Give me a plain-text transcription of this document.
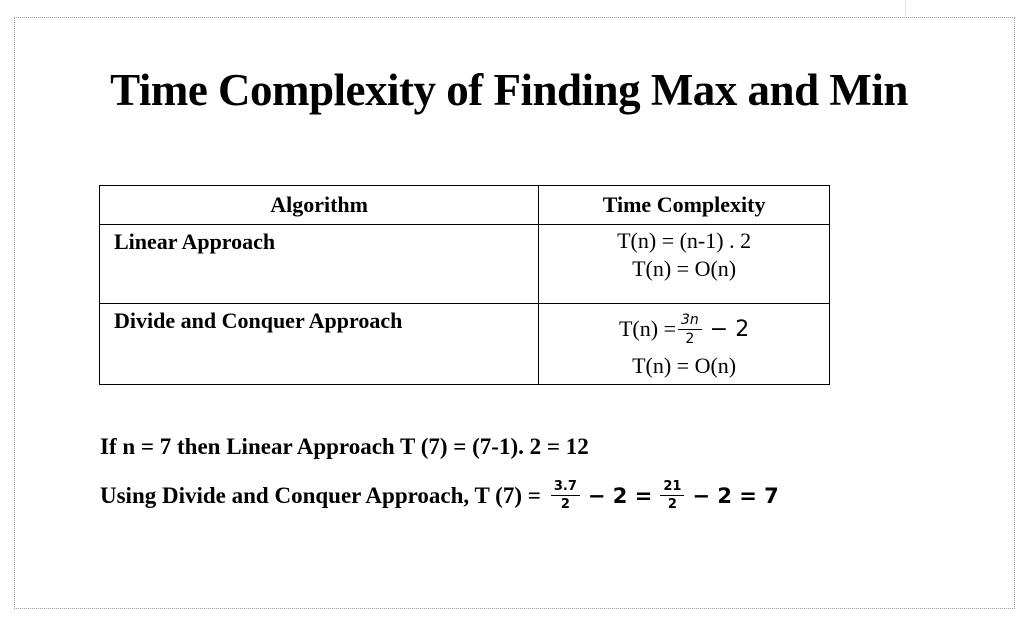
Time Complexity of Finding Max and Min
Algorithm	Time Complexity
Linear Approach	T(n) = (n-1) . 2
T(n) = O(n)

Divide and Conquer Approach	$T(n) = \frac{3n}{2} - 2$
T(n) = O(n)
If n = 7 then Linear Approach T (7) = (7-1). 2 = 12
Using Divide and Conquer Approach, T $(7) = \frac{3.7}{2} - 2 = \frac{21}{2} - 2 = 7$
